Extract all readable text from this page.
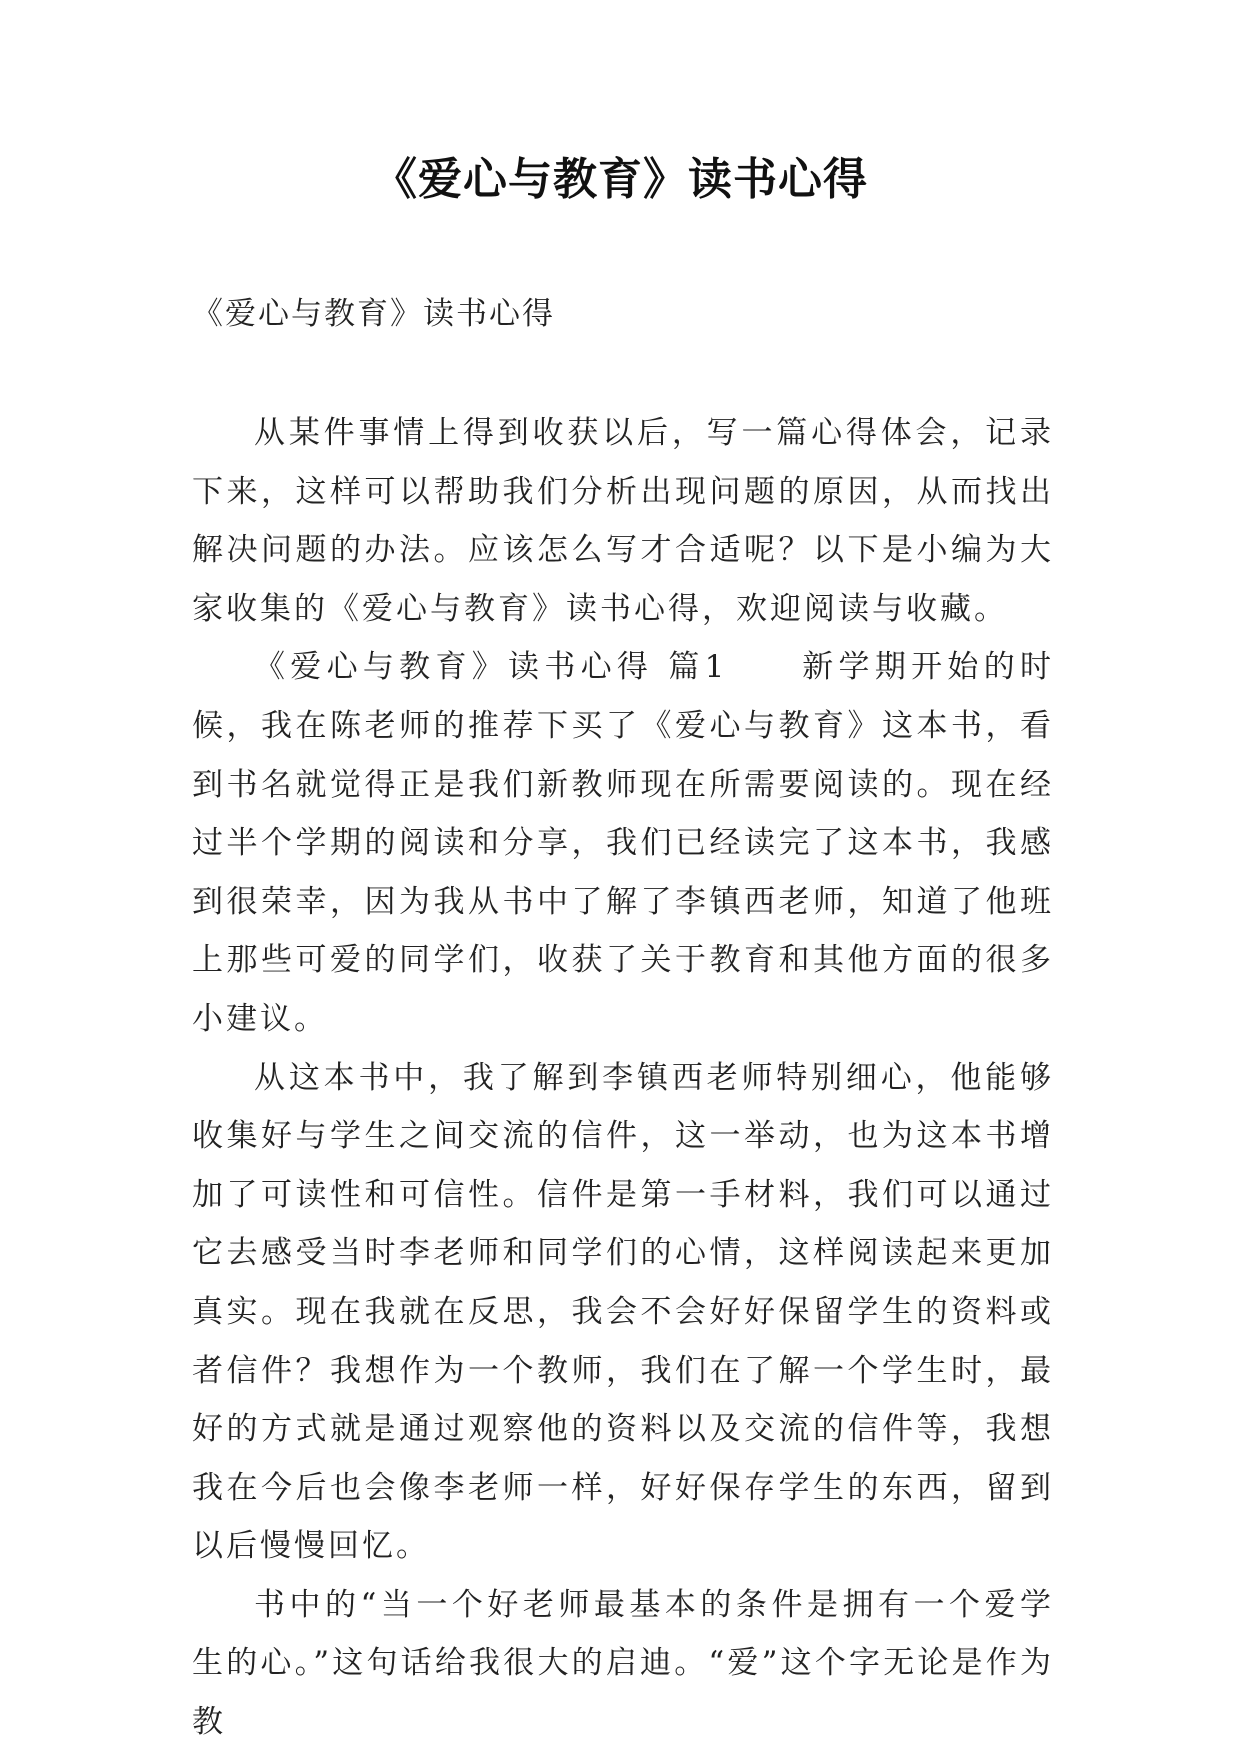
《爱心与教育》读书心得

《爱心与教育》读书心得

从某件事情上得到收获以后，写一篇心得体会，记录下来，这样可以帮助我们分析出现问题的原因，从而找出解决问题的办法。应该怎么写才合适呢？以下是小编为大家收集的《爱心与教育》读书心得，欢迎阅读与收藏。

《爱心与教育》读书心得 篇1　　新学期开始的时候，我在陈老师的推荐下买了《爱心与教育》这本书，看到书名就觉得正是我们新教师现在所需要阅读的。现在经过半个学期的阅读和分享，我们已经读完了这本书，我感到很荣幸，因为我从书中了解了李镇西老师，知道了他班上那些可爱的同学们，收获了关于教育和其他方面的很多小建议。

从这本书中，我了解到李镇西老师特别细心，他能够收集好与学生之间交流的信件，这一举动，也为这本书增加了可读性和可信性。信件是第一手材料，我们可以通过它去感受当时李老师和同学们的心情，这样阅读起来更加真实。现在我就在反思，我会不会好好保留学生的资料或者信件？我想作为一个教师，我们在了解一个学生时，最好的方式就是通过观察他的资料以及交流的信件等，我想我在今后也会像李老师一样，好好保存学生的东西，留到以后慢慢回忆。

书中的“当一个好老师最基本的条件是拥有一个爱学生的心。”这句话给我很大的启迪。“爱”这个字无论是作为教
